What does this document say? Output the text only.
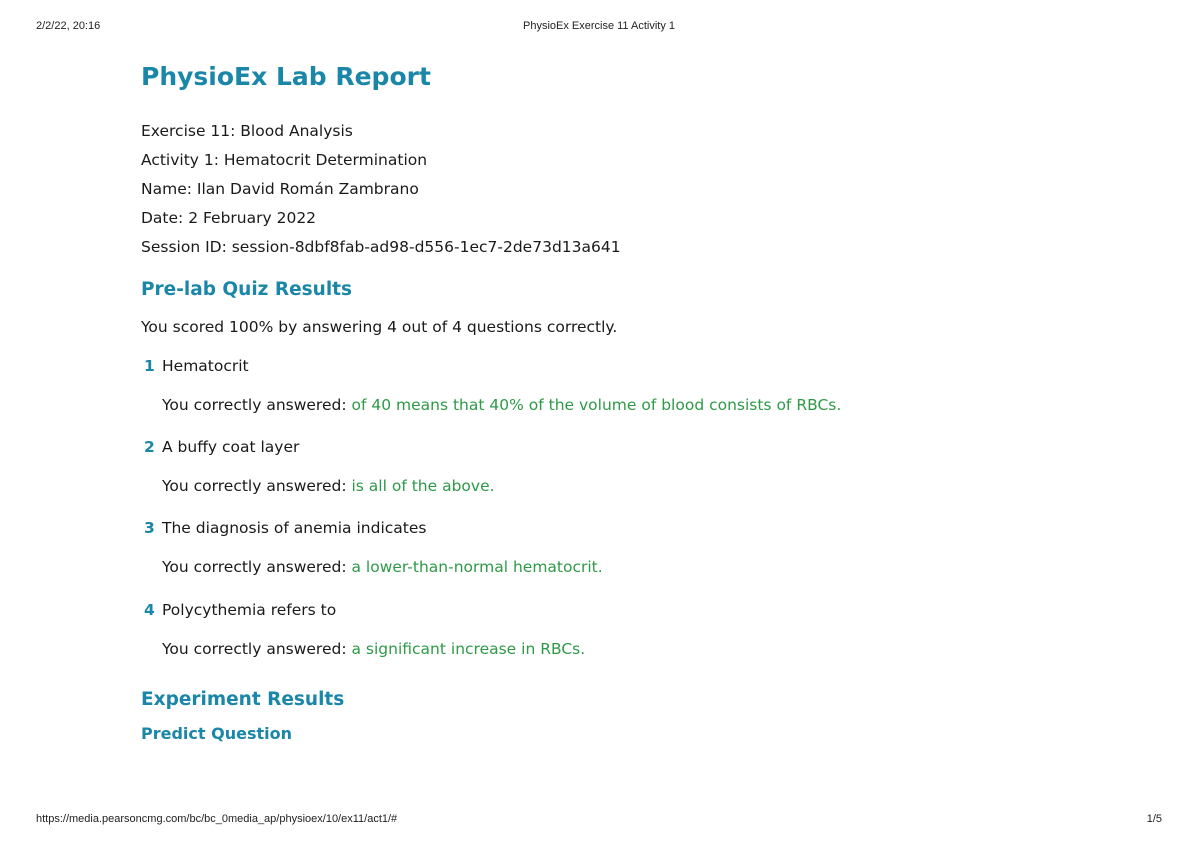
2/2/22, 20:16	PhysioEx Exercise 11 Activity 1
PhysioEx Lab Report
Exercise 11: Blood Analysis
Activity 1: Hematocrit Determination
Name: Ilan David Román Zambrano
Date: 2 February 2022
Session ID: session-8dbf8fab-ad98-d556-1ec7-2de73d13a641
Pre-lab Quiz Results
You scored 100% by answering 4 out of 4 questions correctly.
1 Hematocrit
You correctly answered: of 40 means that 40% of the volume of blood consists of RBCs.
2 A buffy coat layer
You correctly answered: is all of the above.
3 The diagnosis of anemia indicates
You correctly answered: a lower-than-normal hematocrit.
4 Polycythemia refers to
You correctly answered: a significant increase in RBCs.
Experiment Results
Predict Question
https://media.pearsoncmg.com/bc/bc_0media_ap/physioex/10/ex11/act1/#	1/5
